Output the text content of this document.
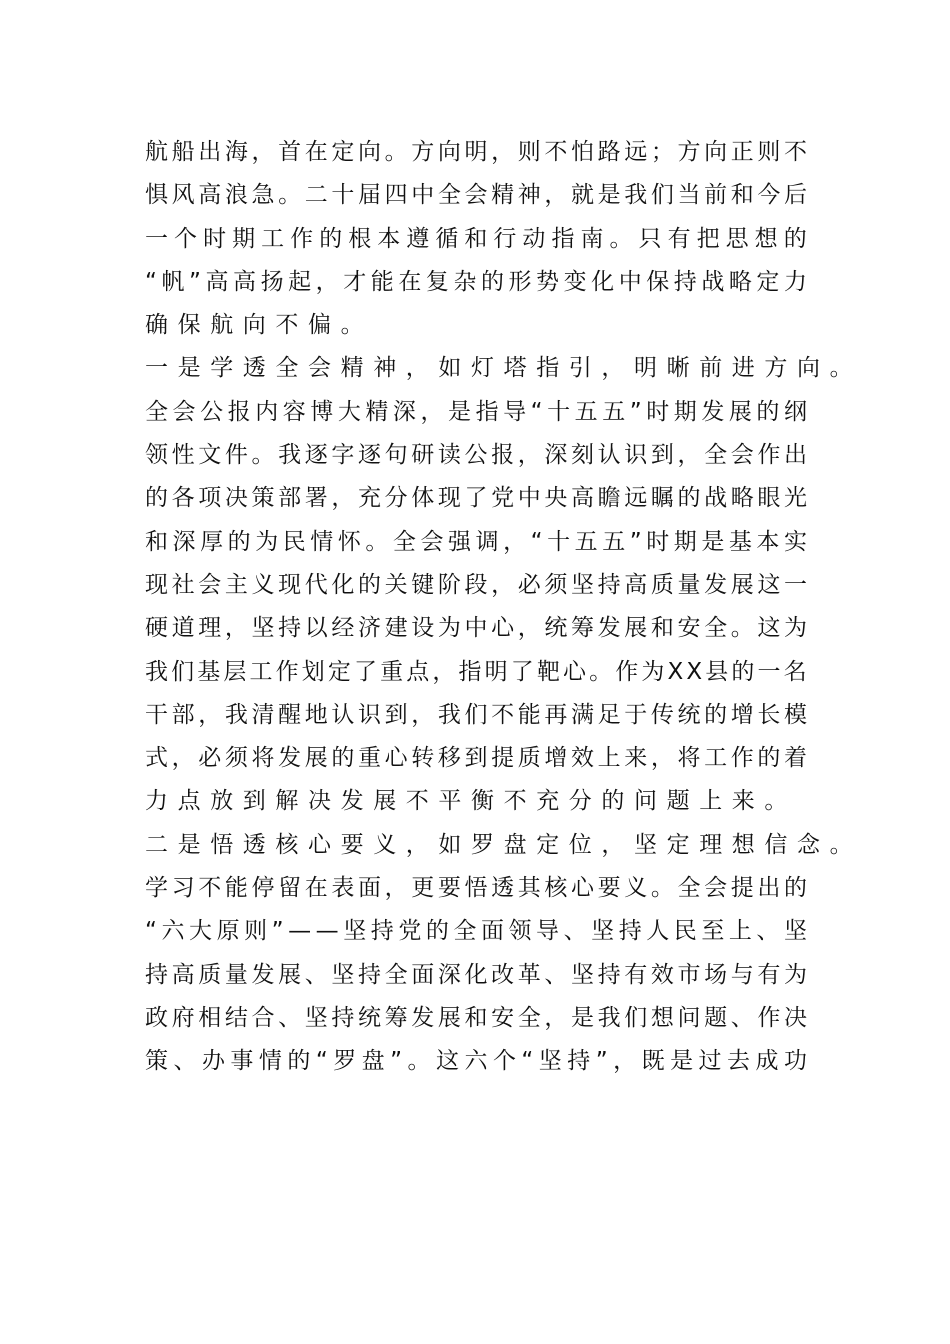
航 船 出 海 ， 首 在 定 向 。 方 向 明 ， 则 不 怕 路 远 ； 方 向 正 则 不
惧 风 高 浪 急 。 二 十 届 四 中 全 会 精 神 ， 就 是 我 们 当 前 和 今 后
一 个 时 期 工 作 的 根 本 遵 循 和 行 动 指 南 。 只 有 把 思 想 的
“ 帆 ” 高 高 扬 起 ， 才 能 在 复 杂 的 形 势 变 化 中 保 持 战 略 定 力
确保航向不偏。
一是学透全会精神，如灯塔指引，明晰前进方向。
全 会 公 报 内 容 博 大 精 深 ， 是 指 导 “ 十 五 五 ” 时 期 发 展 的 纲
领 性 文 件 。 我 逐 字 逐 句 研 读 公 报 ， 深 刻 认 识 到 ， 全 会 作 出
的 各 项 决 策 部 署 ， 充 分 体 现 了 党 中 央 高 瞻 远 瞩 的 战 略 眼 光
和 深 厚 的 为 民 情 怀 。 全 会 强 调 ， “ 十 五 五 ” 时 期 是 基 本 实
现 社 会 主 义 现 代 化 的 关 键 阶 段 ， 必 须 坚 持 高 质 量 发 展 这 一
硬 道 理 ， 坚 持 以 经 济 建 设 为 中 心 ， 统 筹 发 展 和 安 全 。 这 为
我 们 基 层 工 作 划 定 了 重 点 ， 指 明 了 靶 心 。 作 为 X X 县 的 一 名
干 部 ， 我 清 醒 地 认 识 到 ， 我 们 不 能 再 满 足 于 传 统 的 增 长 模
式 ， 必 须 将 发 展 的 重 心 转 移 到 提 质 增 效 上 来 ， 将 工 作 的 着
力点放到解决发展不平衡不充分的问题上来。
二是悟透核心要义，如罗盘定位，坚定理想信念。
学 习 不 能 停 留 在 表 面 ， 更 要 悟 透 其 核 心 要 义 。 全 会 提 出 的
“ 六 大 原 则 ” — — 坚 持 党 的 全 面 领 导 、 坚 持 人 民 至 上 、 坚
持 高 质 量 发 展 、 坚 持 全 面 深 化 改 革 、 坚 持 有 效 市 场 与 有 为
政 府 相 结 合 、 坚 持 统 筹 发 展 和 安 全 ， 是 我 们 想 问 题 、 作 决
策 、 办 事 情 的 “ 罗 盘 ” 。 这 六 个 “ 坚 持 ” ， 既 是 过 去 成 功
